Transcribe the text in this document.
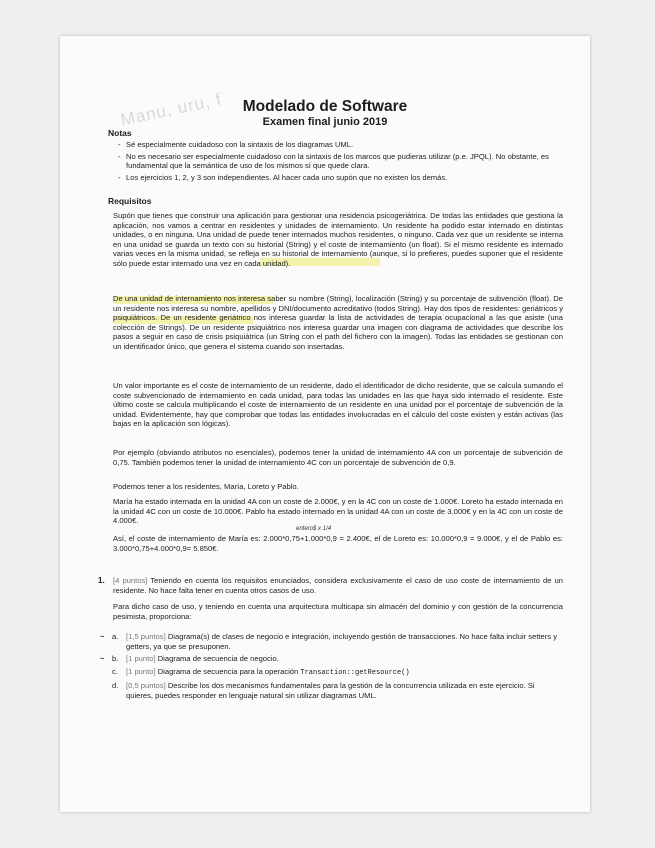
Manu, uru, f	Modelado de Software
Examen final junio 2019
Notas
- Sé especialmente cuidadoso con la sintaxis de los diagramas UML.
- No es necesario ser especialmente cuidadoso con la sintaxis de los marcos que pudieras utilizar (p.e. JPQL). No obstante, es fundamental que la semántica de uso de los mismos sí que quede clara.
- Los ejercicios 1, 2, y 3 son independientes. Al hacer cada uno supón que no existen los demás.
Requisitos

Supón que tienes que construir una aplicación para gestionar una residencia psicogeriátrica. De todas las entidades que gestiona la aplicación, nos vamos a centrar en residentes y unidades de internamiento. Un residente ha podido estar internado en distintas unidades, o en ninguna. Una unidad de puede tener internados muchos residentes, o ninguno. Cada vez que un residente se interna en una unidad se guarda un texto con su historial (String) y el coste de internamiento (un float). Si el mismo residente es internado varias veces en la misma unidad, se refleja en su historial de internamiento (aunque, si lo prefieres, puedes suponer que el residente sólo puede estar internado una vez en cada unidad).

De una unidad de internamiento nos interesa saber su nombre (String), localización (String) y su porcentaje de subvención (float). De un residente nos interesa su nombre, apellidos y DNI/documento acreditativo (todos String). Hay dos tipos de residentes: geriátricos y psiquiátricos. De un residente geriátrico nos interesa guardar la lista de actividades de terapia ocupacional a las que asiste (una colección de Strings). De un residente psiquiátrico nos interesa guardar una imagen con diagrama de actividades que describe los pasos a seguir en caso de crisis psiquiátrica (un String con el path del fichero con la imagen). Todas las entidades se gestionan con un identificador único, que genera el sistema cuando son insertadas.

Un valor importante es el coste de internamiento de un residente, dado el identificador de dicho residente, que se calcula sumando el coste subvencionado de internamiento en cada unidad, para todas las unidades en las que haya sido internado el residente. Este último coste se calcula multiplicando el coste de internamiento de un residente en una unidad por el porcentaje de subvención de la unidad. Evidentemente, hay que comprobar que todas las entidades involucradas en el cálculo del coste existen y están activas (las bajas en la aplicación son lógicas).

Por ejemplo (obviando atributos no esenciales), podemos tener la unidad de internamiento 4A con un porcentaje de subvención de 0,75. También podemos tener la unidad de internamiento 4C con un porcentaje de subvención de 0,9.

Podemos tener a los residentes, María, Loreto y Pablo.

María ha estado internada en la unidad 4A con un coste de 2.000€, y en la 4C con un coste de 1.000€. Loreto ha estado internada en la unidad 4C con un coste de 10.000€. Pablo ha estado internado en la unidad 4A con un coste de 3.000€ y en la 4C con un coste de 4.000€.

entero$ x 1/4

Así, el coste de internamiento de María es: 2.000*0,75+1.000*0,9 = 2.400€, el de Loreto es: 10.000*0,9 = 9.000€, y el de Pablo es: 3.000*0,75+4.000*0,9= 5.850€.

1. [4 puntos] Teniendo en cuenta los requisitos enunciados, considera exclusivamente el caso de uso coste de internamiento de un residente. No hace falta tener en cuenta otros casos de uso.

Para dicho caso de uso, y teniendo en cuenta una arquitectura multicapa sin almacén del dominio y con gestión de la concurrencia pesimista, proporciona:

~ a. [1,5 puntos] Diagrama(s) de clases de negocio e integración, incluyendo gestión de transacciones. No hace falta incluir setters y getters, ya que se presuponen.
~ b. [1 punto] Diagrama de secuencia de negocio.
c. [1 punto] Diagrama de secuencia para la operación Transaction::getResource()
d. [0,5 puntos] Describe los dos mecanismos fundamentales para la gestión de la concurrencia utilizada en este ejercicio. Si quieres, puedes responder en lenguaje natural sin utilizar diagramas UML.
